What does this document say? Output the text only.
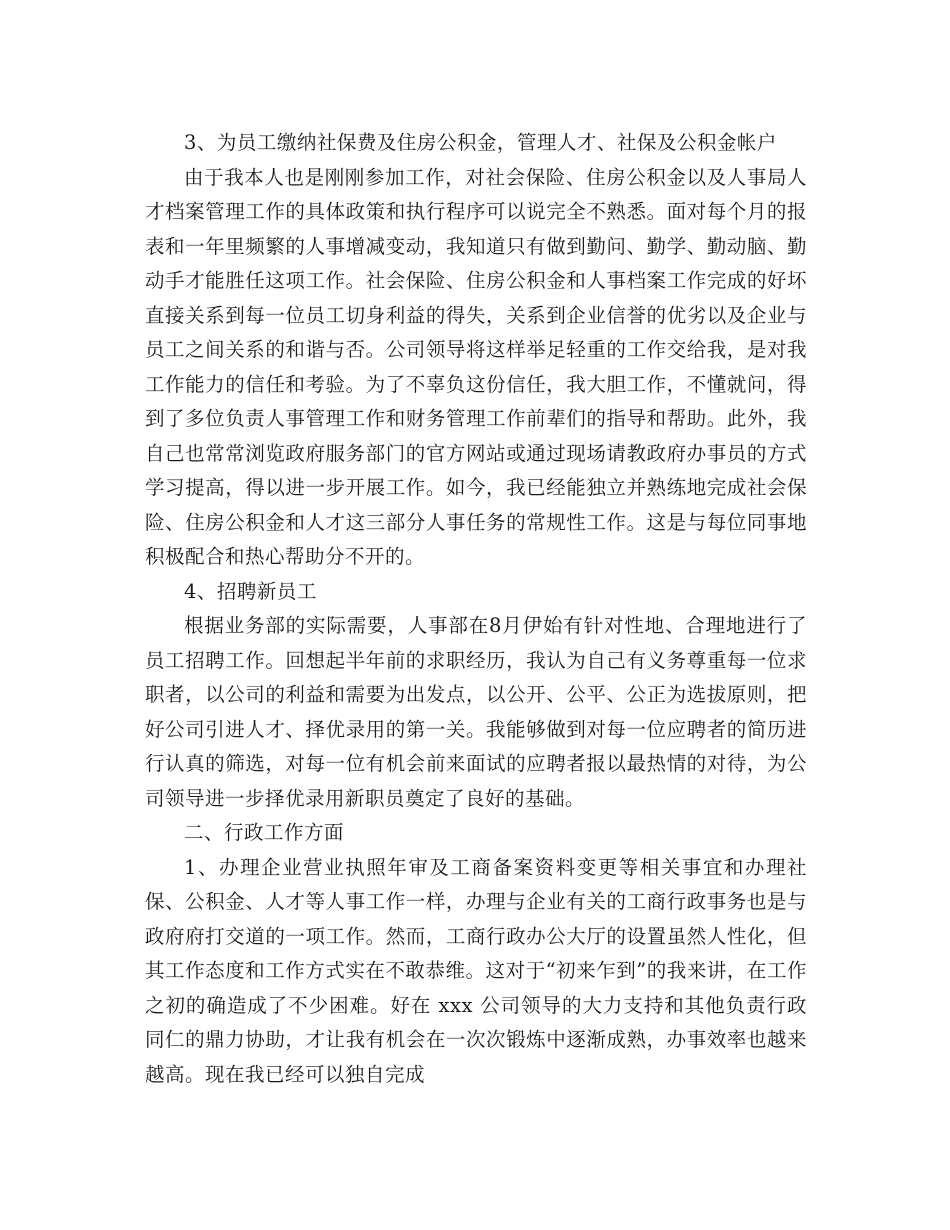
3、为员工缴纳社保费及住房公积金，管理人才、社保及公积金帐户

由于我本人也是刚刚参加工作，对社会保险、住房公积金以及人事局人才档案管理工作的具体政策和执行程序可以说完全不熟悉。面对每个月的报表和一年里频繁的人事增减变动，我知道只有做到勤问、勤学、勤动脑、勤动手才能胜任这项工作。社会保险、住房公积金和人事档案工作完成的好坏直接关系到每一位员工切身利益的得失，关系到企业信誉的优劣以及企业与员工之间关系的和谐与否。公司领导将这样举足轻重的工作交给我，是对我工作能力的信任和考验。为了不辜负这份信任，我大胆工作，不懂就问，得到了多位负责人事管理工作和财务管理工作前辈们的指导和帮助。此外，我自己也常常浏览政府服务部门的官方网站或通过现场请教政府办事员的方式学习提高，得以进一步开展工作。如今，我已经能独立并熟练地完成社会保险、住房公积金和人才这三部分人事任务的常规性工作。这是与每位同事地积极配合和热心帮助分不开的。

4、招聘新员工

根据业务部的实际需要，人事部在8月伊始有针对性地、合理地进行了员工招聘工作。回想起半年前的求职经历，我认为自己有义务尊重每一位求职者，以公司的利益和需要为出发点，以公开、公平、公正为选拔原则，把好公司引进人才、择优录用的第一关。我能够做到对每一位应聘者的简历进行认真的筛选，对每一位有机会前来面试的应聘者报以最热情的对待，为公司领导进一步择优录用新职员奠定了良好的基础。

二、行政工作方面

1、办理企业营业执照年审及工商备案资料变更等相关事宜和办理社保、公积金、人才等人事工作一样，办理与企业有关的工商行政事务也是与政府府打交道的一项工作。然而，工商行政办公大厅的设置虽然人性化，但其工作态度和工作方式实在不敢恭维。这对于“初来乍到”的我来讲，在工作之初的确造成了不少困难。好在 xxx 公司领导的大力支持和其他负责行政同仁的鼎力协助，才让我有机会在一次次锻炼中逐渐成熟，办事效率也越来越高。现在我已经可以独自完成
